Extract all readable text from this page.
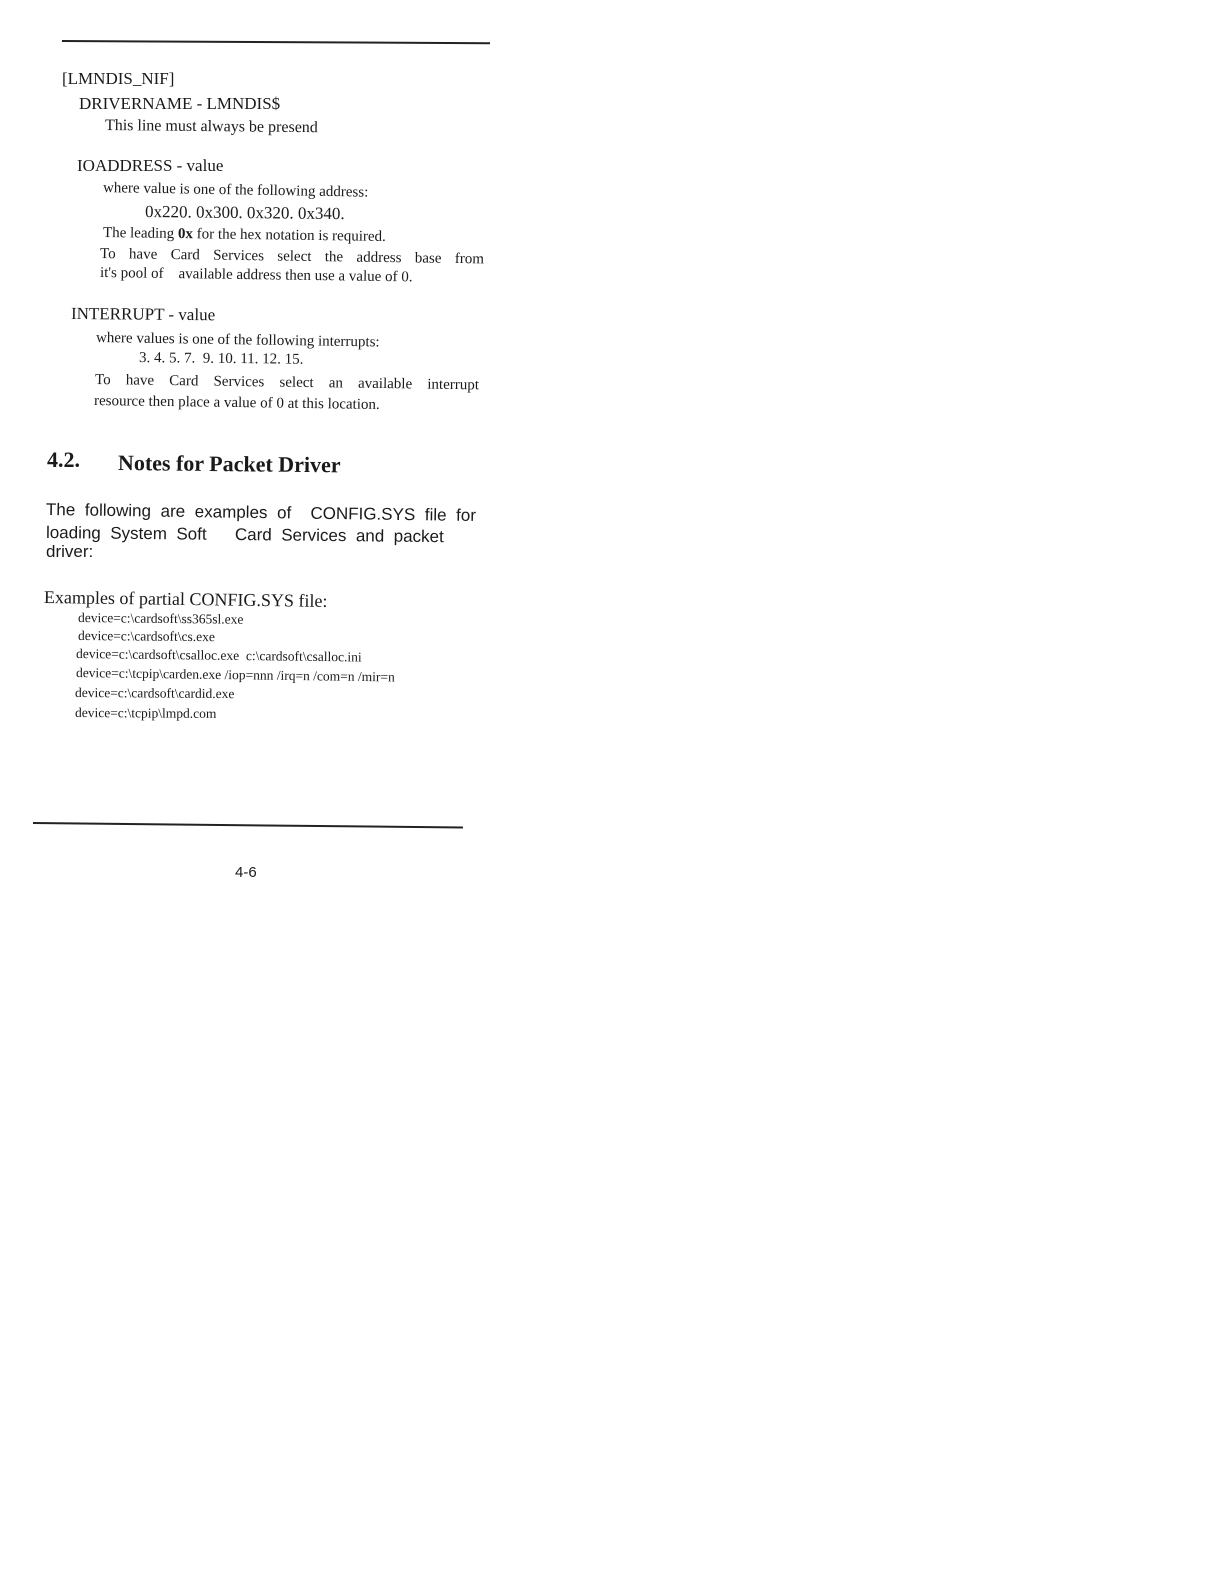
[LMNDIS_NIF]
DRIVERNAME - LMNDIS$
This line must always be presend
IOADDRESS - value
where value is one of the following address:
0x220. 0x300. 0x320. 0x340.
The leading 0x for the hex notation is required.
To have Card Services select the address base from
it's pool of    available address then use a value of 0.
INTERRUPT - value
where values is one of the following interrupts:
3. 4. 5. 7.  9. 10. 11. 12. 15.
To have Card Services select an available interrupt
resource then place a value of 0 at this location.
4.2. Notes for Packet Driver
The following are examples of  CONFIG.SYS file for
loading  System  Soft      Card  Services  and  packet
driver:
Examples of partial CONFIG.SYS file:
device=c:\cardsoft\ss365sl.exe
device=c:\cardsoft\cs.exe
device=c:\cardsoft\csalloc.exe  c:\cardsoft\csalloc.ini
device=c:\tcpip\carden.exe /iop=nnn /irq=n /com=n /mir=n
device=c:\cardsoft\cardid.exe
device=c:\tcpip\lmpd.com
4-6
